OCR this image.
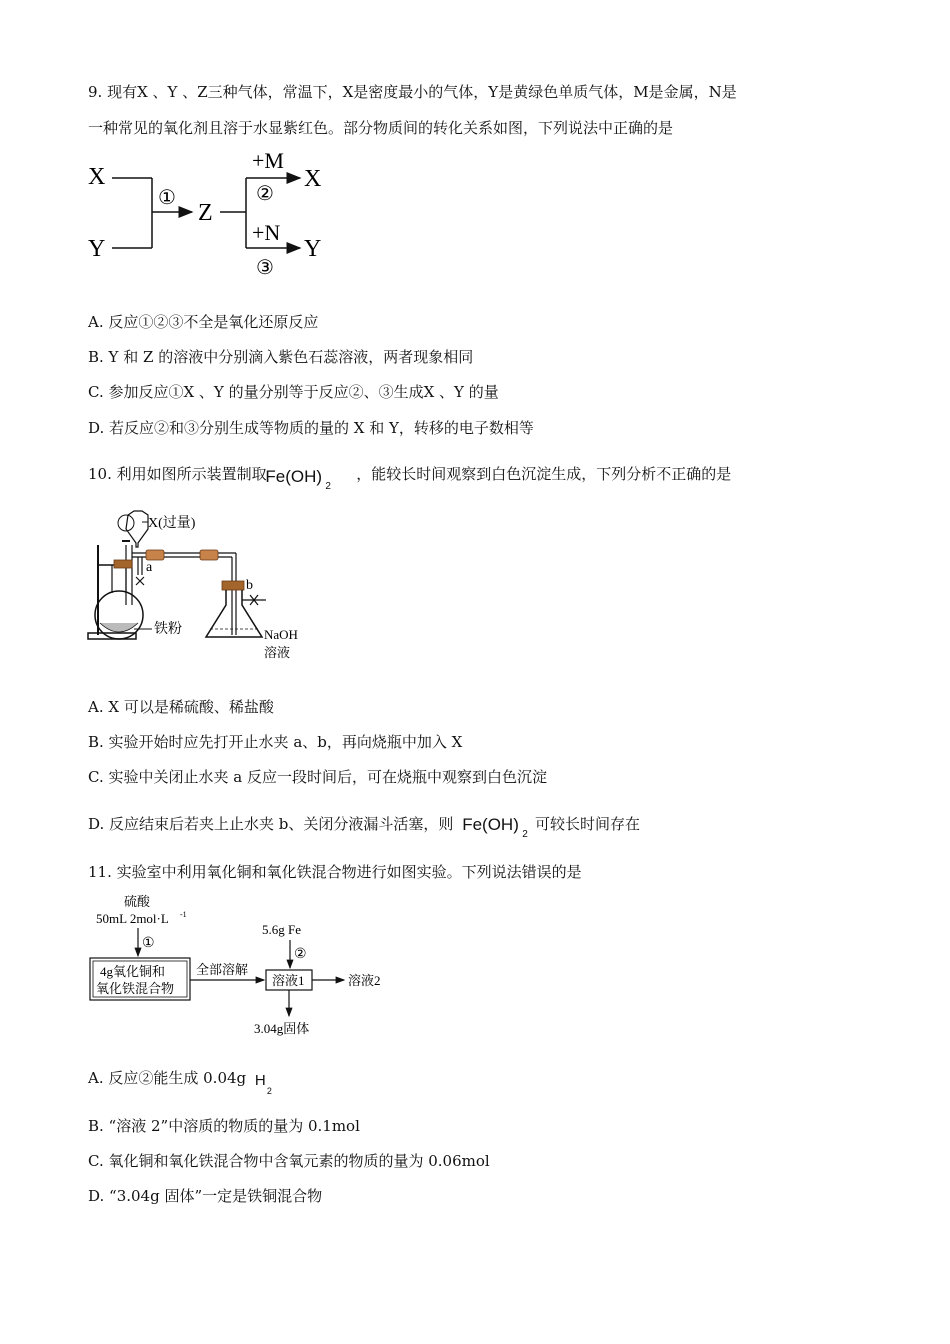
9. 现有X 、Y 、Z三种气体，常温下，X是密度最小的气体，Y是黄绿色单质气体，M是金属，N是
一种常见的氧化剂且溶于水显紫红色。部分物质间的转化关系如图，下列说法中正确的是
X
Y
①
Z
+M
②
X
+N
③
Y
A. 反应①②③不全是氧化还原反应
B. Y 和 Z 的溶液中分别滴入紫色石蕊溶液，两者现象相同
C. 参加反应①X 、Y 的量分别等于反应②、③生成X 、Y 的量
D. 若反应②和③分别生成等物质的量的 X 和 Y，转移的电子数相等
10. 利用如图所示装置制取
Fe(OH)
2
，能较长时间观察到白色沉淀生成，下列分析不正确的是
X(过量)
铁粉
a
b
NaOH
溶液
A. X 可以是稀硫酸、稀盐酸
B. 实验开始时应先打开止水夹 a、b，再向烧瓶中加入 X
C. 实验中关闭止水夹 a 反应一段时间后，可在烧瓶中观察到白色沉淀
D. 反应结束后若夹上止水夹 b、关闭分液漏斗活塞，则 Fe(OH)
2
可较长时间存在
11. 实验室中利用氧化铜和氧化铁混合物进行如图实验。下列说法错误的是
硫酸
50mL 2mol·L -1
①
4g氧化铜和
氧化铁混合物
全部溶解
5.6g Fe
②
溶液1	溶液2
3.04g固体
A. 反应②能生成 0.04g H
2
B. “溶液 2”中溶质的物质的量为 0.1mol
C. 氧化铜和氧化铁混合物中含氧元素的物质的量为 0.06mol
D. “3.04g 固体”一定是铁铜混合物
